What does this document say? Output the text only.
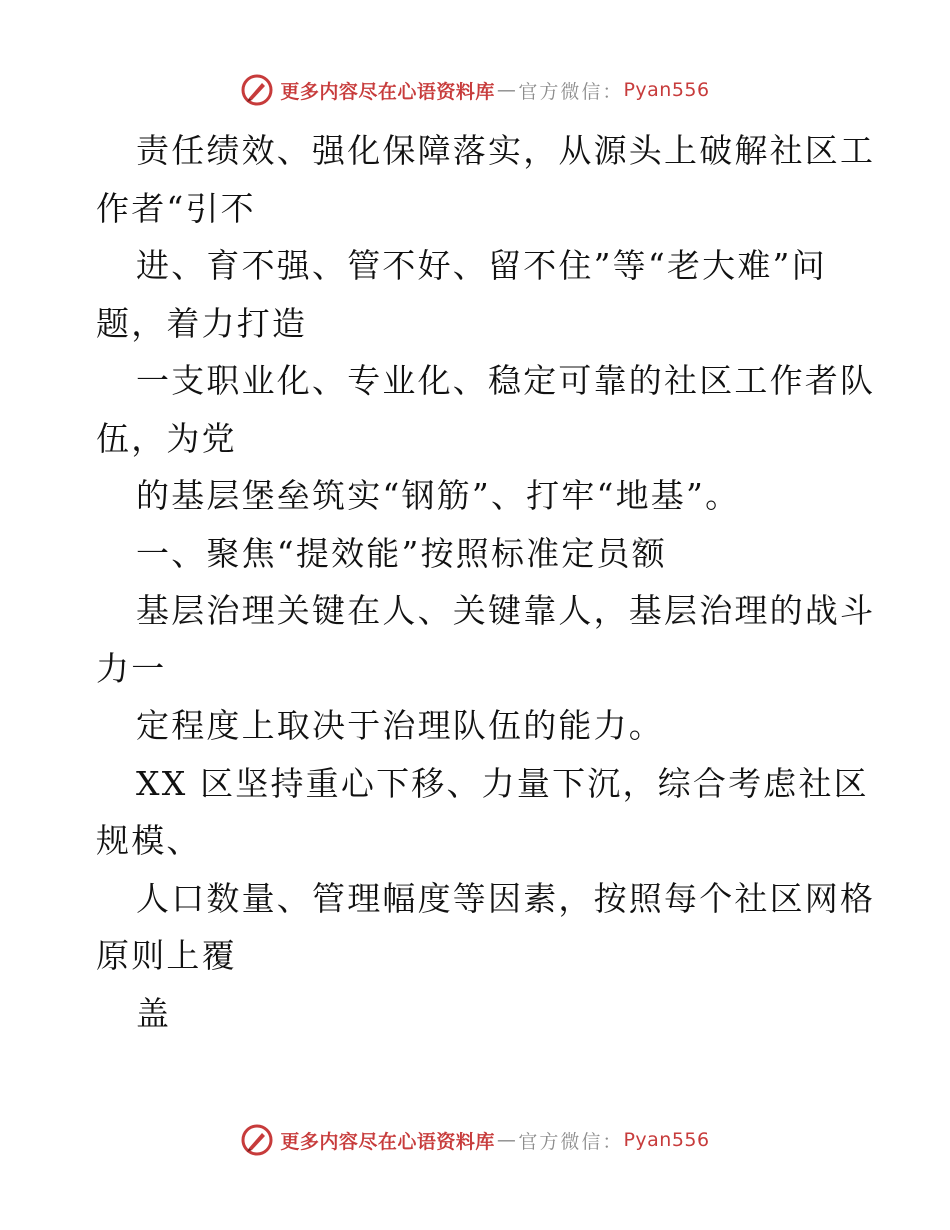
更多内容尽在心语资料库 — 官方微信： Pyan556
责任绩效、强化保障落实，从源头上破解社区工
作者“引不
进、育不强、管不好、留不住”等“老大难”问
题，着力打造
一支职业化、专业化、稳定可靠的社区工作者队
伍，为党
的基层堡垒筑实“钢筋”、打牢“地基”。
一、聚焦“提效能”按照标准定员额
基层治理关键在人、关键靠人，基层治理的战斗
力一
定程度上取决于治理队伍的能力。
XX 区坚持重心下移、力量下沉，综合考虑社区
规模、
人口数量、管理幅度等因素，按照每个社区网格
原则上覆
盖
更多内容尽在心语资料库 — 官方微信： Pyan556
